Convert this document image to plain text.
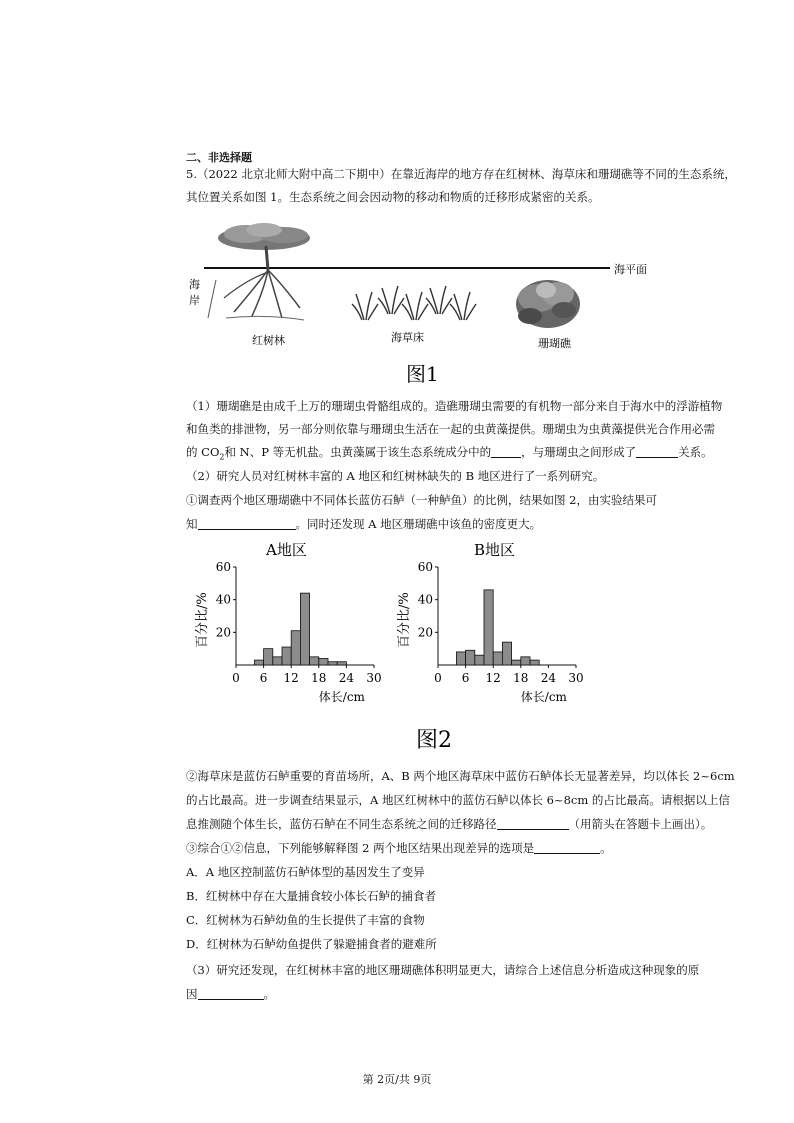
二、非选择题
5.（2022 北京北师大附中高二下期中）在靠近海岸的地方存在红树林、海草床和珊瑚礁等不同的生态系统，
其位置关系如图 1。生态系统之间会因动物的移动和物质的迁移形成紧密的关系。
海平面
海
岸
红树林	海草床	珊瑚礁
图1
（1）珊瑚礁是由成千上万的珊瑚虫骨骼组成的。造礁珊瑚虫需要的有机物一部分来自于海水中的浮游植物
和鱼类的排泄物，另一部分则依靠与珊瑚虫生活在一起的虫黄藻提供。珊瑚虫为虫黄藻提供光合作用必需
的 $CO_2$和 N、P 等无机盐。虫黄藻属于该生态系统成分中的	，与珊瑚虫之间形成了	关系。
（2）研究人员对红树林丰富的 A 地区和红树林缺失的 B 地区进行了一系列研究。
①调查两个地区珊瑚礁中不同体长蓝仿石鲈（一种鲈鱼）的比例，结果如图 2，由实验结果可
知	。同时还发现 A 地区珊瑚礁中该鱼的密度更大。
A地区
20
40
60
0 6 12 18 24 30
体长/cm
百分比/%
B地区
20
40
60
0 6 12 18 24 30
体长/cm
百分比/%
图2
②海草床是蓝仿石鲈重要的育苗场所，A、B 两个地区海草床中蓝仿石鲈体长无显著差异，均以体长 2~6cm
的占比最高。进一步调查结果显示，A 地区红树林中的蓝仿石鲈以体长 6~8cm 的占比最高。请根据以上信
息推测随个体生长，蓝仿石鲈在不同生态系统之间的迁移路径	（用箭头在答题卡上画出）。
③综合①②信息，下列能够解释图 2 两个地区结果出现差异的选项是	。
A．A 地区控制蓝仿石鲈体型的基因发生了变异
B．红树林中存在大量捕食较小体长石鲈的捕食者
C．红树林为石鲈幼鱼的生长提供了丰富的食物
D．红树林为石鲈幼鱼提供了躲避捕食者的避难所
（3）研究还发现，在红树林丰富的地区珊瑚礁体积明显更大，请综合上述信息分析造成这种现象的原
因	。
第 2页/共 9页
